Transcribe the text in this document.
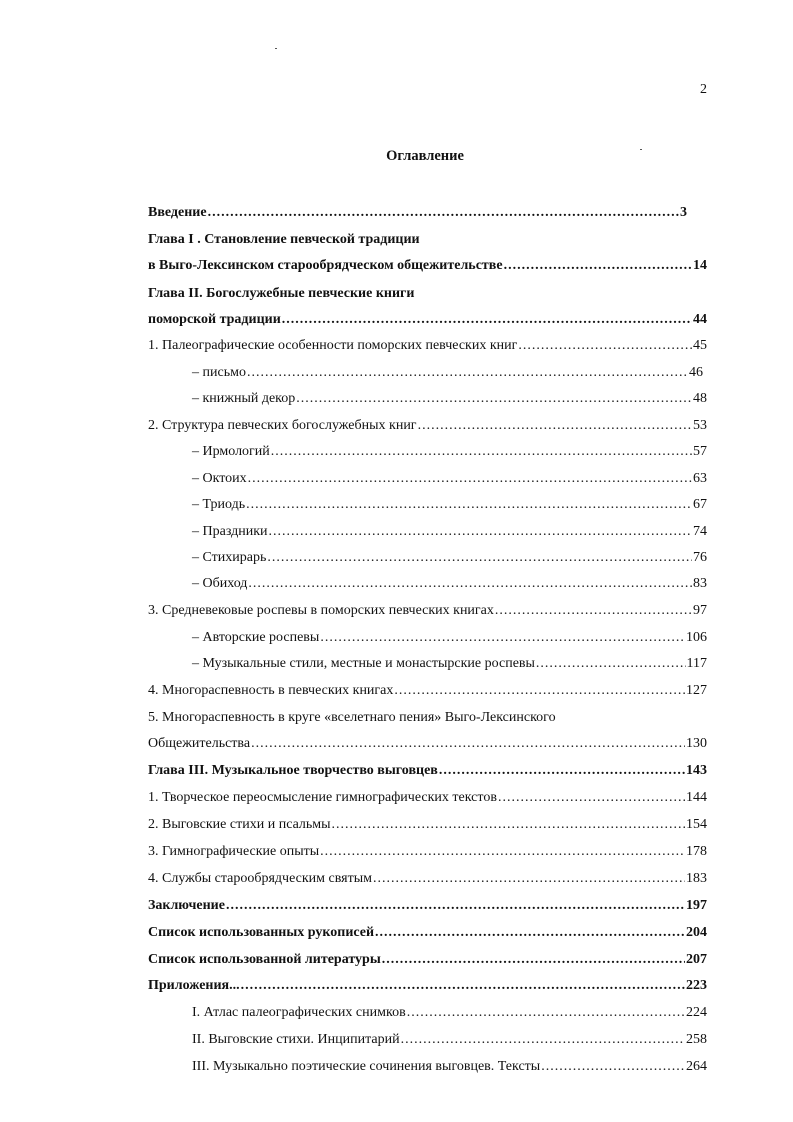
2
Оглавление
Введение .....	3
Глава I . Становление певческой традиции
в Выго-Лексинском старообрядческом общежительстве .....	14
Глава II. Богослужебные певческие книги
поморской традиции .....	44
1. Палеографические особенности поморских певческих книг .....	45
– письмо .....	46
– книжный декор .....	48
2. Структура певческих богослужебных книг .....	53
– Ирмологий .....	57
– Октоих .....	63
– Триодь .....	67
– Праздники .....	74
– Стихирарь .....	76
– Обиход .....	83
3. Средневековые роспевы в поморских певческих книгах .....	97
– Авторские роспевы .....	106
– Музыкальные стили, местные и монастырские роспевы .....	117
4. Многораспевность в певческих книгах .....	127
5. Многораспевность в круге «вселетнаго пения» Выго-Лексинского
Общежительства .....	130
Глава III. Музыкальное творчество выговцев .....	143
1. Творческое переосмысление гимнографических текстов .....	144
2. Выговские стихи и псальмы .....	154
3. Гимнографические опыты .....	178
4. Службы старообрядческим святым .....	183
Заключение .....	197
Список использованных рукописей .....	204
Список использованной литературы .....	207
Приложения... .....	223
I. Атлас палеографических снимков .....	224
II. Выговские стихи. Инципитарий .....	258
III. Музыкально поэтические сочинения выговцев. Тексты .....	264
